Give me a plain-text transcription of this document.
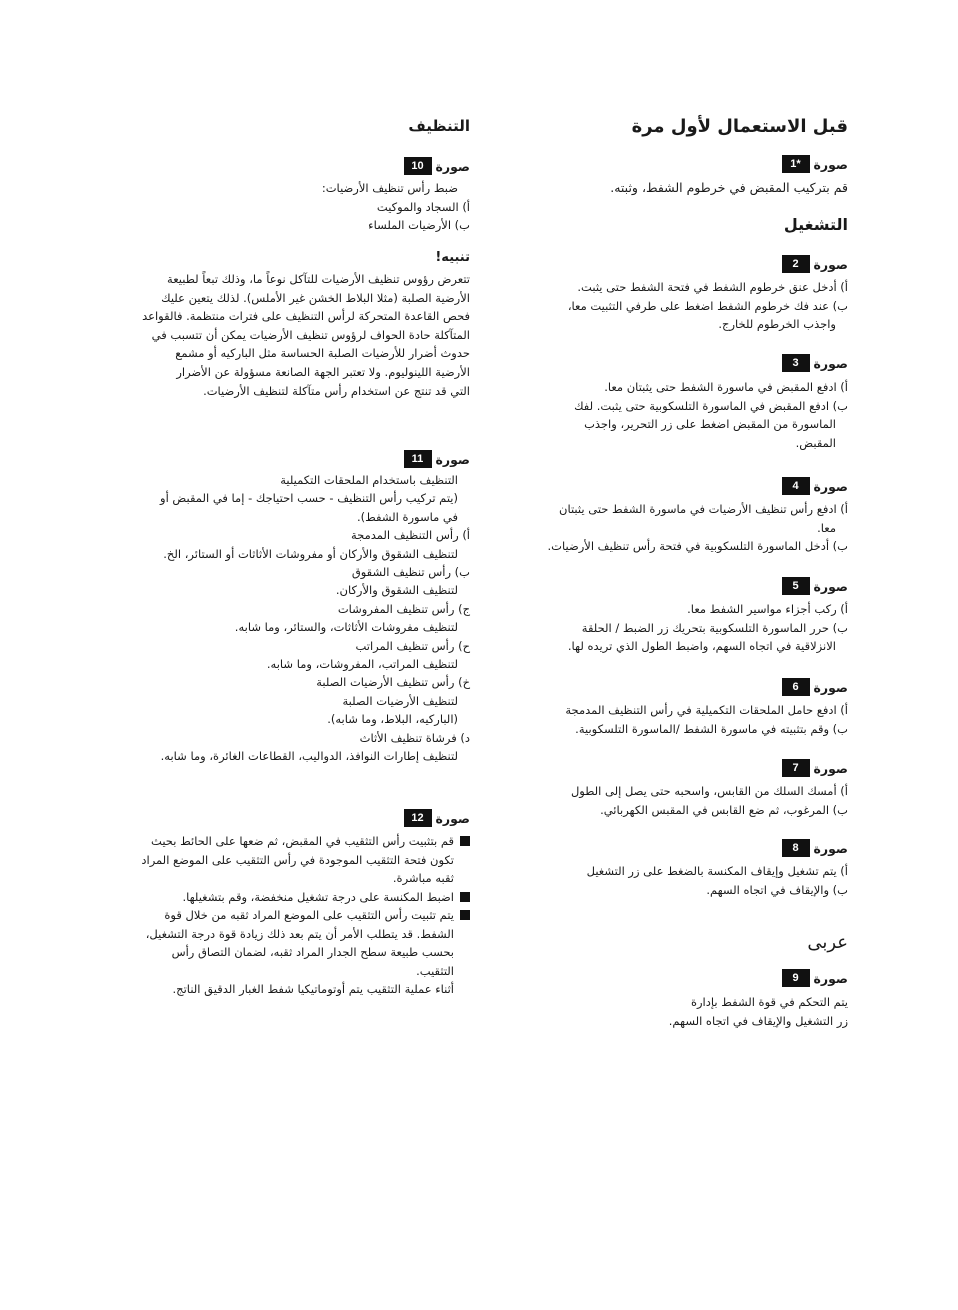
قبل الاستعمال لأول مرة
صورة
*1
قم بتركيب المقبض في خرطوم الشفط، وثبته.
التشغيل
صورة
2
أ) أدخل عنق خرطوم الشفط في فتحة الشفط حتى يثبت.
ب) عند فك خرطوم الشفط اضغط على طرفي التثبيت معا،
واجذب الخرطوم للخارج.
صورة
3
أ) ادفع المقبض في ماسورة الشفط حتى يثبتان معا.
ب) ادفع المقبض في الماسورة التلسكوبية حتى يثبت. لفك
الماسورة من المقبض اضغط على زر التحرير، واجذب
المقبض.
صورة
4
أ) ادفع رأس تنظيف الأرضيات في ماسورة الشفط حتى يثبتان
معا.
ب) أدخل الماسورة التلسكوبية في فتحة رأس تنظيف الأرضيات.
صورة
5
أ) ركب أجزاء مواسير الشفط معا.
ب) حرر الماسورة التلسكوبية بتحريك زر الضبط / الحلقة
الانزلاقية في اتجاه السهم، واضبط الطول الذي تريده لها.
صورة
6
أ) ادفع حامل الملحقات التكميلية في رأس التنظيف المدمجة
ب) وقم بتثبيته في ماسورة الشفط /الماسورة التلسكوبية.
صورة
7
أ) أمسك السلك من القابس، واسحبه حتى يصل إلى الطول
ب) المرغوب، ثم ضع القابس في المقبس الكهربائي.
صورة
8
أ) يتم تشغيل وإيقاف المكنسة بالضغط على زر التشغيل
ب) والإيقاف في اتجاه السهم.
عربى
صورة
9
يتم التحكم في قوة الشفط بإدارة
زر التشغيل والإيقاف في اتجاه السهم.
التنظيف
صورة
10
ضبط رأس تنظيف الأرضيات:
أ) السجاد والموكيت
ب) الأرضيات الملساء
تنبيه!
تتعرض رؤوس تنظيف الأرضيات للتآكل نوعاً ما، وذلك تبعاً لطبيعة
الأرضية الصلبة (مثلا البلاط الخشن غير الأملس). لذلك يتعين عليك
فحص القاعدة المتحركة لرأس التنظيف على فترات منتظمة. فالقواعد
المتآكلة حادة الحواف لرؤوس تنظيف الأرضيات يمكن أن تتسبب في
حدوث أضرار للأرضيات الصلبة الحساسة مثل الباركيه أو مشمع
الأرضية اللينوليوم. ولا تعتبر الجهة الصانعة مسؤولة عن الأضرار
التي قد تنتج عن استخدام رأس متآكلة لتنظيف الأرضيات.
صورة
11
التنظيف باستخدام الملحقات التكميلية
(يتم تركيب رأس التنظيف - حسب احتياجك - إما في المقبض أو
في ماسورة الشفط).
أ) رأس التنظيف المدمجة
لتنظيف الشقوق والأركان أو مفروشات الأثاثات أو الستائر، الخ.
ب) رأس تنظيف الشقوق
لتنظيف الشقوق والأركان.
ج) رأس تنظيف المفروشات
لتنظيف مفروشات الأثاثات، والستائر، وما شابه.
ح) رأس تنظيف المراتب
لتنظيف المراتب، المفروشات، وما شابه.
خ) رأس تنظيف الأرضيات الصلبة
لتنظيف الأرضيات الصلبة
(الباركيه، البلاط، وما شابه).
د) فرشاة تنظيف الأثاث
لتنظيف إطارات النوافذ، الدواليب، القطاعات الغائرة، وما شابه.
صورة
12
قم بتثبيت رأس التثقيب في المقبض، ثم ضعها على الحائط بحيث
تكون فتحة التثقيب الموجودة في رأس التثقيب على الموضع المراد
ثقبه مباشرة.
اضبط المكنسة على درجة تشغيل منخفضة، وقم بتشغيلها.
يتم تثبيت رأس التثقيب على الموضع المراد ثقبه من خلال قوة
الشفط. قد يتطلب الأمر أن يتم بعد ذلك زيادة قوة درجة التشغيل،
بحسب طبيعة سطح الجدار المراد ثقبه، لضمان التصاق رأس
التثقيب.
أثناء عملية التثقيب يتم أوتوماتيكيا شفط الغبار الدقيق الناتج.
